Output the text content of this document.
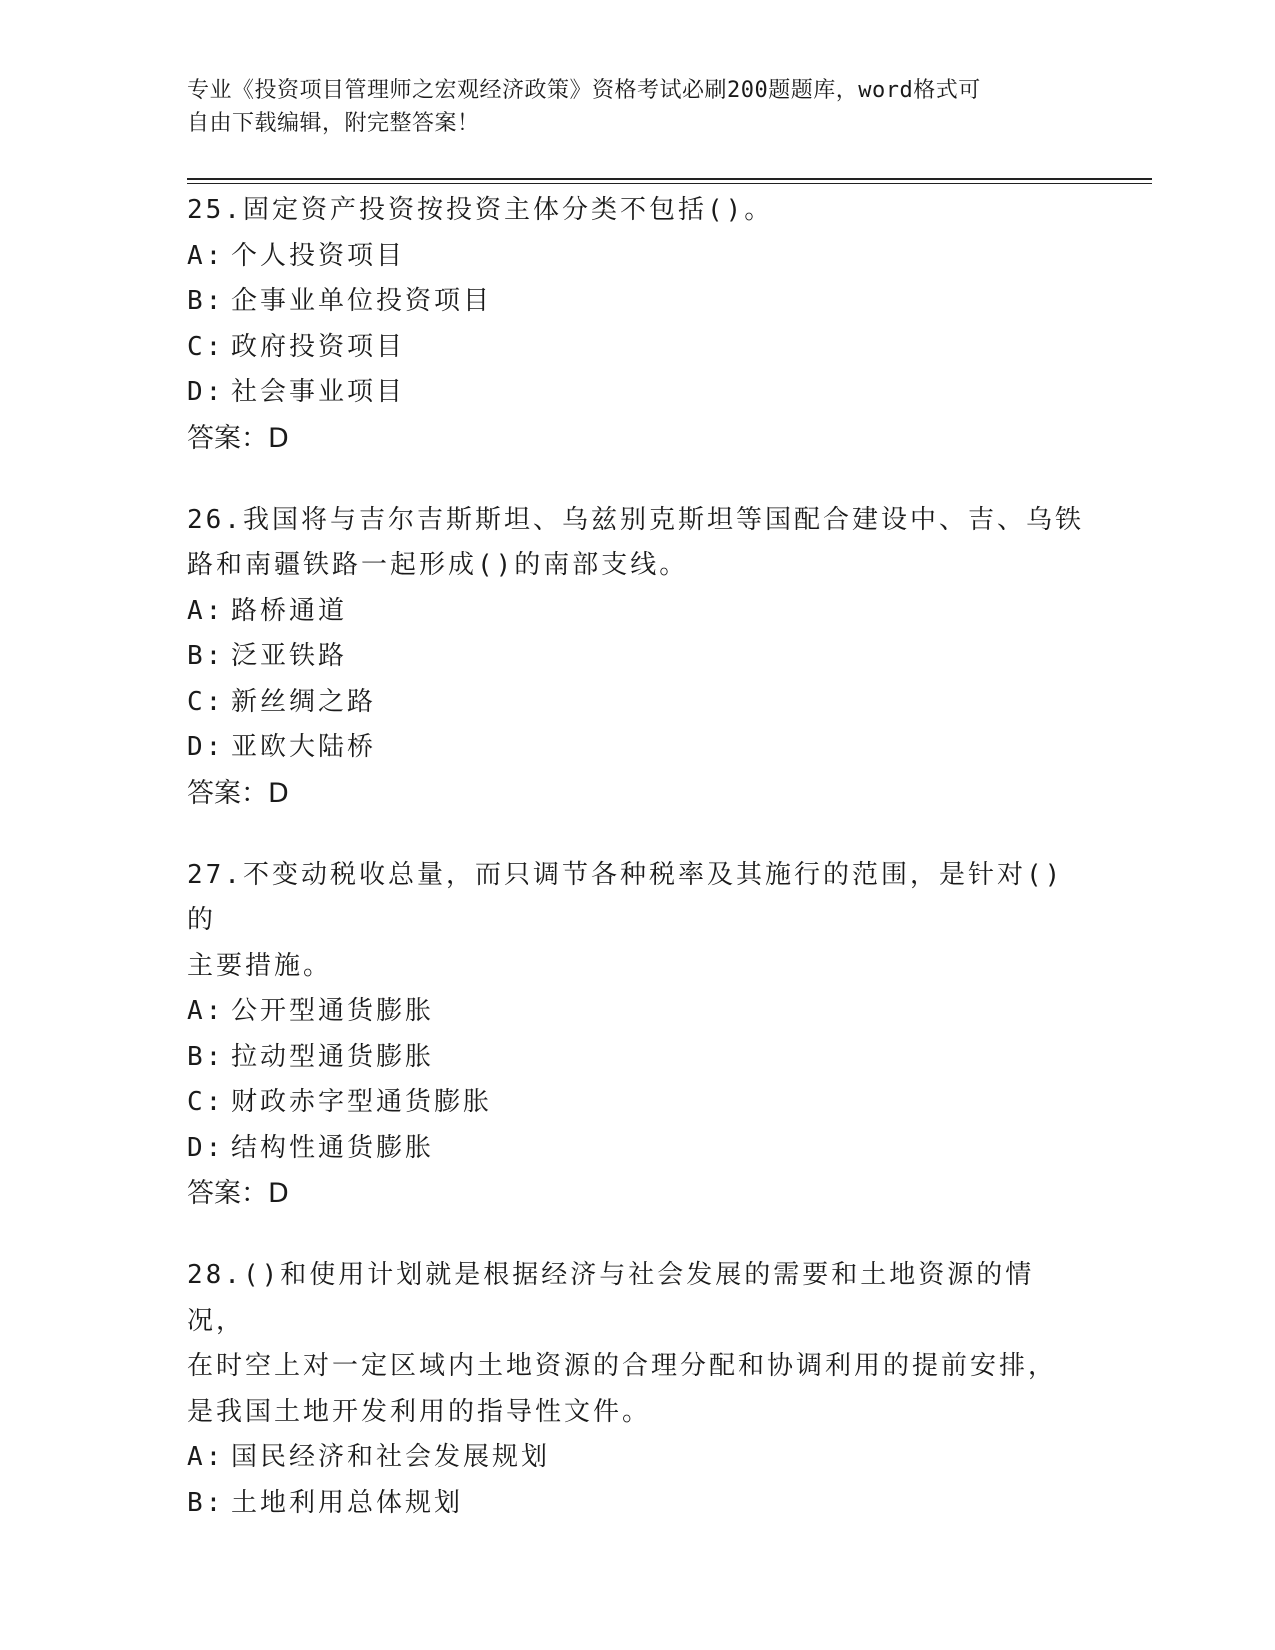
专业《投资项目管理师之宏观经济政策》资格考试必刷200题题库，word格式可
自由下载编辑，附完整答案！
25.固定资产投资按投资主体分类不包括()。
A: 个人投资项目
B: 企事业单位投资项目
C: 政府投资项目
D: 社会事业项目
答案：D
26.我国将与吉尔吉斯斯坦、乌兹别克斯坦等国配合建设中、吉、乌铁
路和南疆铁路一起形成()的南部支线。
A: 路桥通道
B: 泛亚铁路
C: 新丝绸之路
D: 亚欧大陆桥
答案：D
27.不变动税收总量，而只调节各种税率及其施行的范围，是针对()的
主要措施。
A: 公开型通货膨胀
B: 拉动型通货膨胀
C: 财政赤字型通货膨胀
D: 结构性通货膨胀
答案：D
28.()和使用计划就是根据经济与社会发展的需要和土地资源的情况，
在时空上对一定区域内土地资源的合理分配和协调利用的提前安排，
是我国土地开发利用的指导性文件。
A: 国民经济和社会发展规划
B: 土地利用总体规划
